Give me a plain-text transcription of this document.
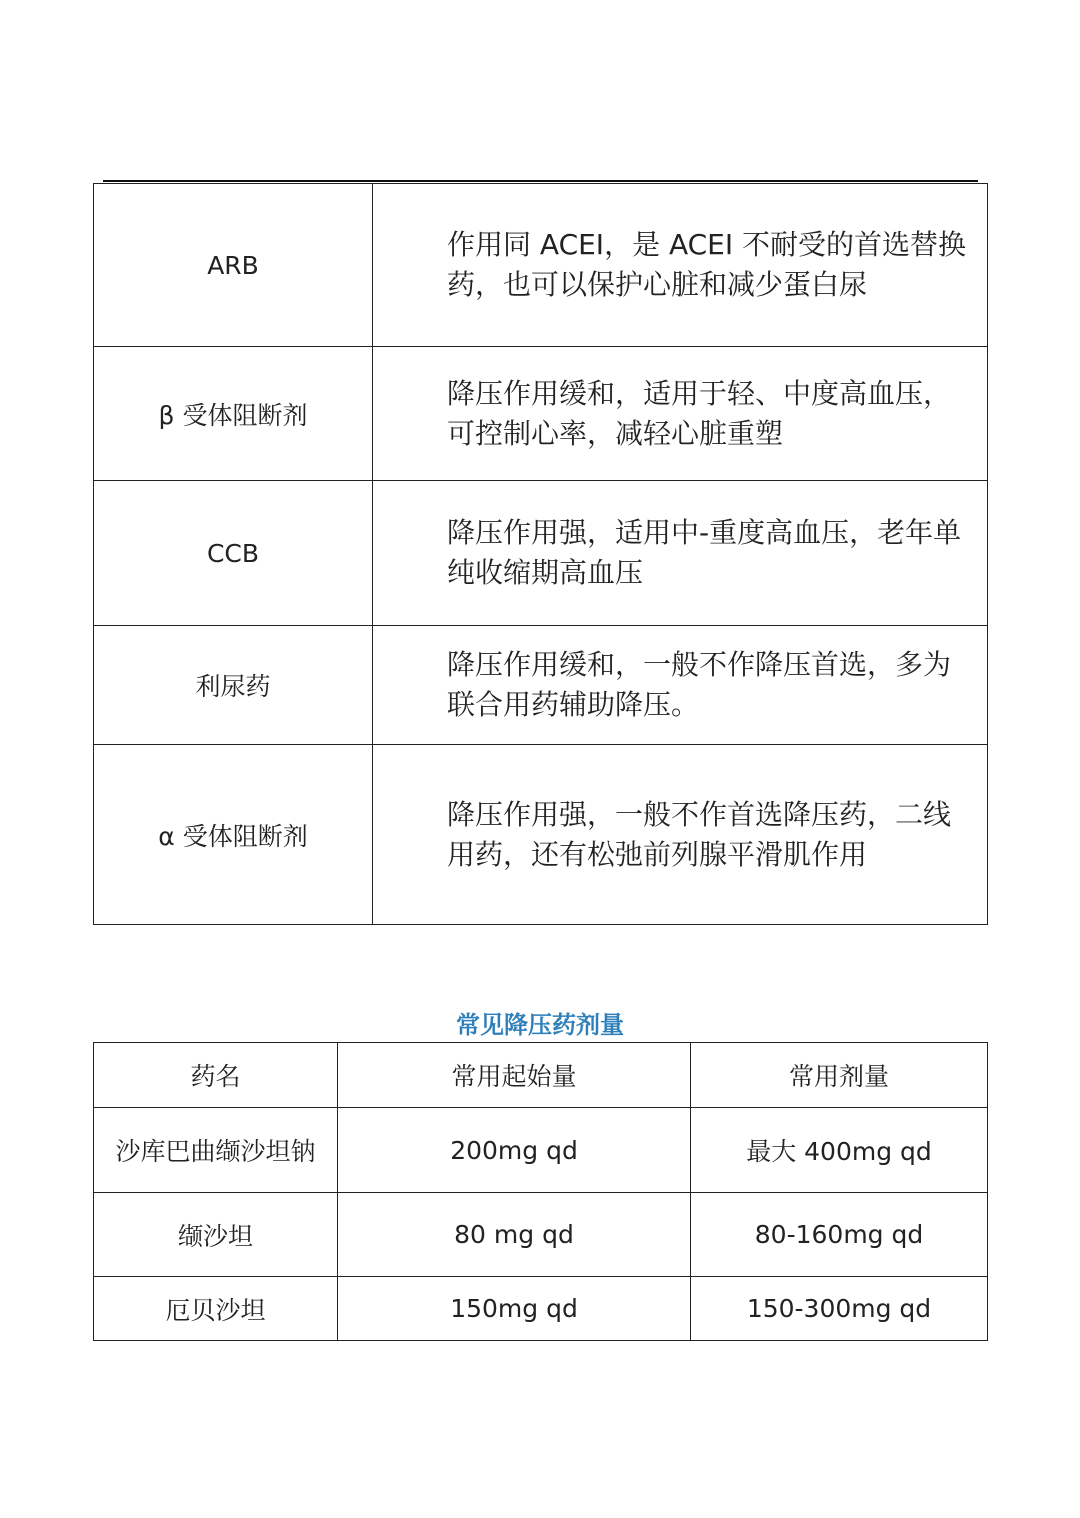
ARB	作用同 ACEI，是 ACEI 不耐受的首选替换药，也可以保护心脏和减少蛋白尿
β 受体阻断剂	降压作用缓和，适用于轻、中度高血压，可控制心率，减轻心脏重塑
CCB	降压作用强，适用中-重度高血压，老年单纯收缩期高血压
利尿药	降压作用缓和，一般不作降压首选，多为联合用药辅助降压。
α 受体阻断剂	降压作用强，一般不作首选降压药，二线用药，还有松弛前列腺平滑肌作用
常见降压药剂量
药名	常用起始量	常用剂量
沙库巴曲缬沙坦钠	200mg qd	最大 400mg qd
缬沙坦	80 mg qd	80-160mg qd
厄贝沙坦	150mg qd	150-300mg qd
